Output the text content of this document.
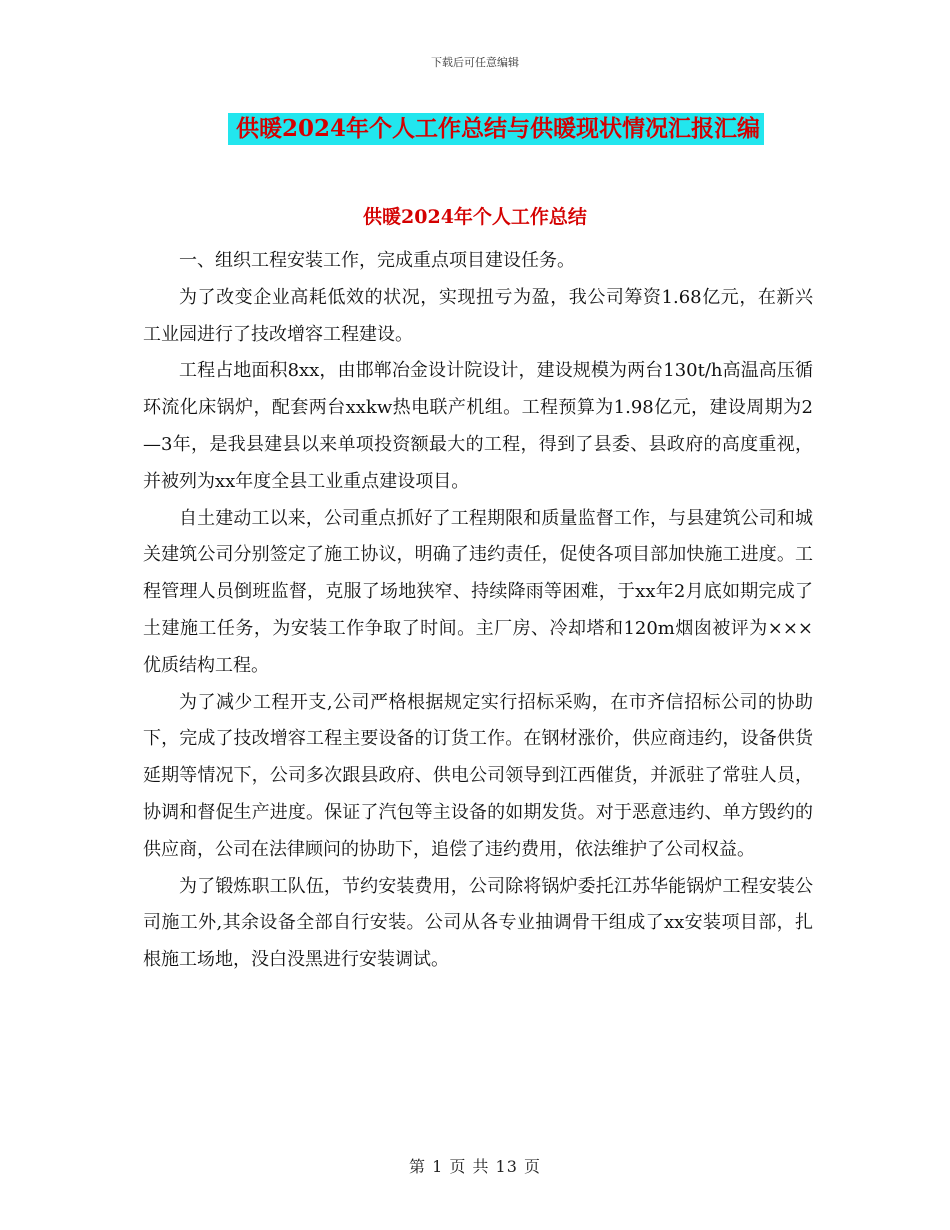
下载后可任意编辑
供暖2024年个人工作总结与供暖现状情况汇报汇编
供暖2024年个人工作总结

一、组织工程安装工作，完成重点项目建设任务。

为了改变企业高耗低效的状况，实现扭亏为盈，我公司筹资1.68亿元，在新兴工业园进行了技改增容工程建设。

工程占地面积8xx，由邯郸冶金设计院设计，建设规模为两台130t/h高温高压循环流化床锅炉，配套两台xxkw热电联产机组。工程预算为1.98亿元，建设周期为2—3年，是我县建县以来单项投资额最大的工程，得到了县委、县政府的高度重视，并被列为xx年度全县工业重点建设项目。

自土建动工以来，公司重点抓好了工程期限和质量监督工作，与县建筑公司和城关建筑公司分别签定了施工协议，明确了违约责任，促使各项目部加快施工进度。工程管理人员倒班监督，克服了场地狭窄、持续降雨等困难，于xx年2月底如期完成了土建施工任务，为安装工作争取了时间。主厂房、冷却塔和120m烟囱被评为×××优质结构工程。

为了减少工程开支,公司严格根据规定实行招标采购，在市齐信招标公司的协助下，完成了技改增容工程主要设备的订货工作。在钢材涨价，供应商违约，设备供货延期等情况下，公司多次跟县政府、供电公司领导到江西催货，并派驻了常驻人员，协调和督促生产进度。保证了汽包等主设备的如期发货。对于恶意违约、单方毁约的供应商，公司在法律顾问的协助下，追偿了违约费用，依法维护了公司权益。

为了锻炼职工队伍，节约安装费用，公司除将锅炉委托江苏华能锅炉工程安装公司施工外,其余设备全部自行安装。公司从各专业抽调骨干组成了xx安装项目部，扎根施工场地，没白没黑进行安装调试。

第 1 页 共 13 页
